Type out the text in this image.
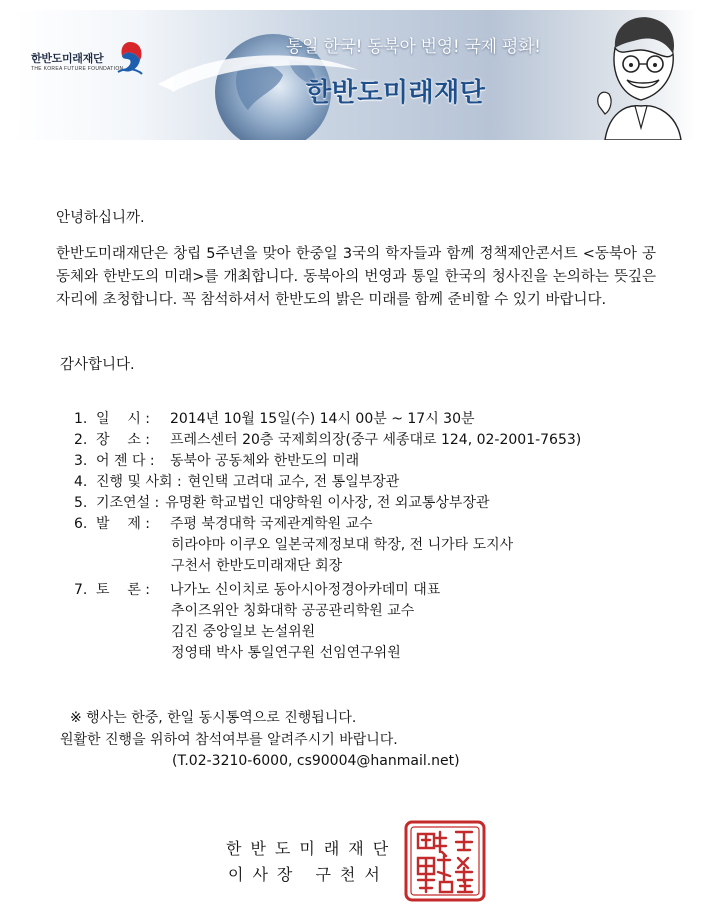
한반도미래재단
THE KOREA FUTURE FOUNDATION
통일 한국! 동북아 번영! 국제 평화!
한반도미래재단
안녕하십니까.
한반도미래재단은 창립 5주년을 맞아 한중일 3국의 학자들과 함께 정책제안콘서트 <동북아 공동체와 한반도의 미래>를 개최합니다. 동북아의 번영과 통일 한국의 청사진을 논의하는 뜻깊은 자리에 초청합니다. 꼭 참석하셔서 한반도의 밝은 미래를 함께 준비할 수 있기 바랍니다.
감사합니다.
1. 일    시 : 2014년 10월 15일(수) 14시 00분 ~ 17시 30분
2. 장    소 : 프레스센터 20층 국제회의장(중구 세종대로 124, 02-2001-7653)
3. 어 젠 다 : 동북아 공동체와 한반도의 미래
4. 진행 및 사회 : 현인택 고려대 교수, 전 통일부장관
5. 기조연설 : 유명환 학교법인 대양학원 이사장, 전 외교통상부장관
6. 발    제 : 주평 북경대학 국제관계학원 교수
히라야마 이쿠오 일본국제정보대 학장, 전 니가타 도지사
구천서 한반도미래재단 회장
7. 토    론 : 나가노 신이치로 동아시아정경아카데미 대표
추이즈위안 칭화대학 공공관리학원 교수
김진 중앙일보 논설위원
정영태 박사 통일연구원 선임연구위원
※ 행사는 한중, 한일 동시통역으로 진행됩니다.
원활한 진행을 위하여 참석여부를 알려주시기 바랍니다.
(T.02-3210-6000, cs90004@hanmail.net)
한반도미래재단
이사장 구천서
